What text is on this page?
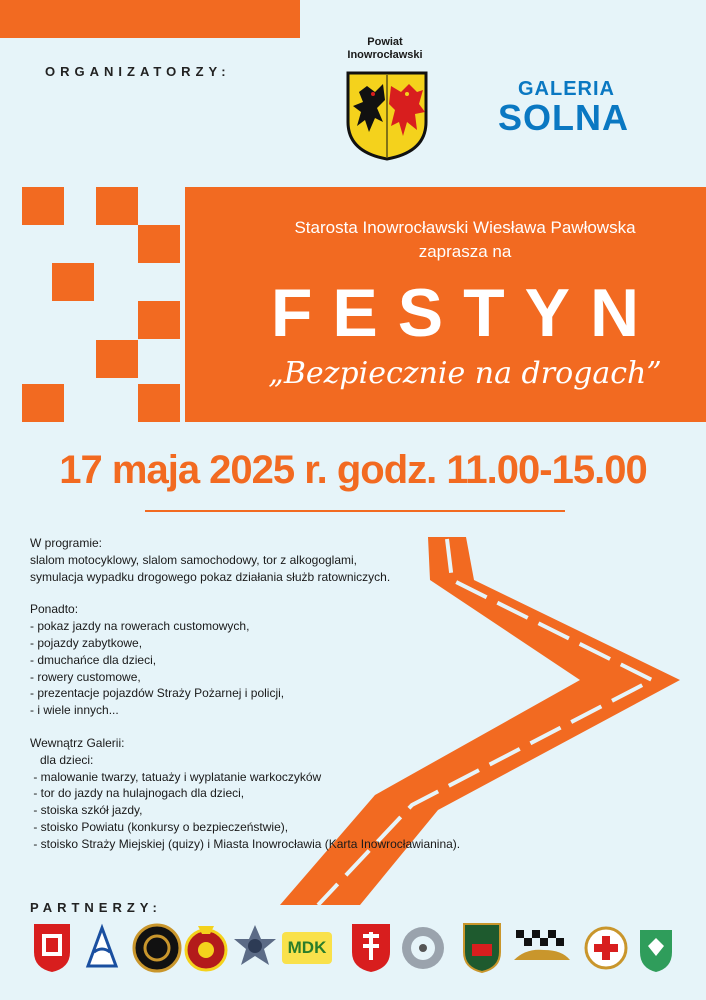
ORGANIZATORZY:
Powiat
Inowrocławski
GALERIA
SOLNA
Starosta Inowrocławski Wiesława Pawłowska
zaprasza na
FESTYN
„Bezpiecznie na drogach”
17 maja 2025 r. godz. 11.00-15.00
W programie:
slalom motocyklowy, slalom samochodowy, tor z alkogoglami,
symulacja wypadku drogowego pokaz działania służb ratowniczych.
Ponadto:
- pokaz jazdy na rowerach customowych,
- pojazdy zabytkowe,
- dmuchańce dla dzieci,
- rowery customowe,
- prezentacje pojazdów Straży Pożarnej i policji,
- i wiele innych...
Wewnątrz Galerii:
dla dzieci:
- malowanie twarzy, tatuaży i wyplatanie warkoczyków
- tor do jazdy na hulajnogach dla dzieci,
- stoiska szkół jazdy,
- stoisko Powiatu (konkursy o bezpieczeństwie),
- stoisko Straży Miejskiej (quizy) i Miasta Inowrocławia (Karta Inowrocławianina).
PARTNERZY:
MDK
